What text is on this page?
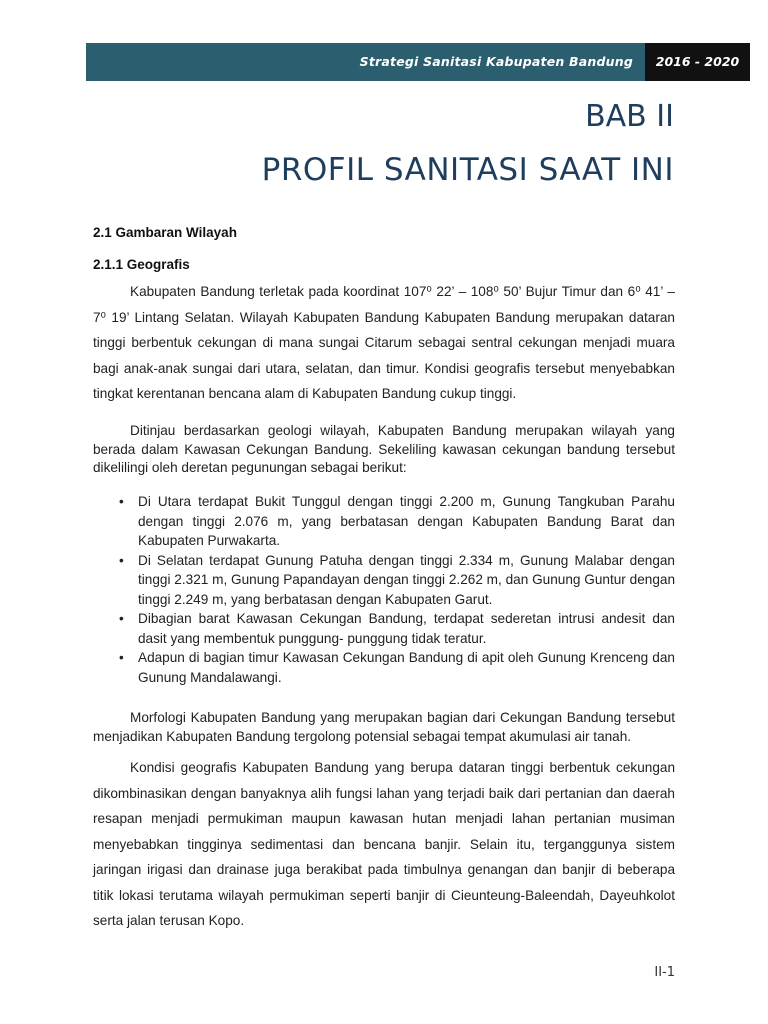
Strategi Sanitasi Kabupaten Bandung	2016 - 2020
BAB II
PROFIL SANITASI SAAT INI
2.1 Gambaran Wilayah
2.1.1 Geografis

Kabupaten Bandung terletak pada koordinat 107⁰ 22’ – 108⁰ 50’ Bujur Timur dan 6⁰ 41’ – 7⁰ 19’ Lintang Selatan. Wilayah Kabupaten Bandung Kabupaten Bandung merupakan dataran tinggi berbentuk cekungan di mana sungai Citarum sebagai sentral cekungan menjadi muara bagi anak-anak sungai dari utara, selatan, dan timur. Kondisi geografis tersebut menyebabkan tingkat kerentanan bencana alam di Kabupaten Bandung cukup tinggi.

Ditinjau berdasarkan geologi wilayah, Kabupaten Bandung merupakan wilayah yang berada dalam Kawasan Cekungan Bandung. Sekeliling kawasan cekungan bandung tersebut dikelilingi oleh deretan pegunungan sebagai berikut:

• Di Utara terdapat Bukit Tunggul dengan tinggi 2.200 m, Gunung Tangkuban Parahu dengan tinggi 2.076 m, yang berbatasan dengan Kabupaten Bandung Barat dan Kabupaten Purwakarta.
• Di Selatan terdapat Gunung Patuha dengan tinggi 2.334 m, Gunung Malabar dengan tinggi 2.321 m, Gunung Papandayan dengan tinggi 2.262 m, dan Gunung Guntur dengan tinggi 2.249 m, yang berbatasan dengan Kabupaten Garut.
• Dibagian barat Kawasan Cekungan Bandung, terdapat sederetan intrusi andesit dan dasit yang membentuk punggung- punggung tidak teratur.
• Adapun di bagian timur Kawasan Cekungan Bandung di apit oleh Gunung Krenceng dan Gunung Mandalawangi.

Morfologi Kabupaten Bandung yang merupakan bagian dari Cekungan Bandung tersebut menjadikan Kabupaten Bandung tergolong potensial sebagai tempat akumulasi air tanah.

Kondisi geografis Kabupaten Bandung yang berupa dataran tinggi berbentuk cekungan dikombinasikan dengan banyaknya alih fungsi lahan yang terjadi baik dari pertanian dan daerah resapan menjadi permukiman maupun kawasan hutan menjadi lahan pertanian musiman menyebabkan tingginya sedimentasi dan bencana banjir. Selain itu, terganggunya sistem jaringan irigasi dan drainase juga berakibat pada timbulnya genangan dan banjir di beberapa titik lokasi terutama wilayah permukiman seperti banjir di Cieunteung-Baleendah, Dayeuhkolot serta jalan terusan Kopo.

II-1
